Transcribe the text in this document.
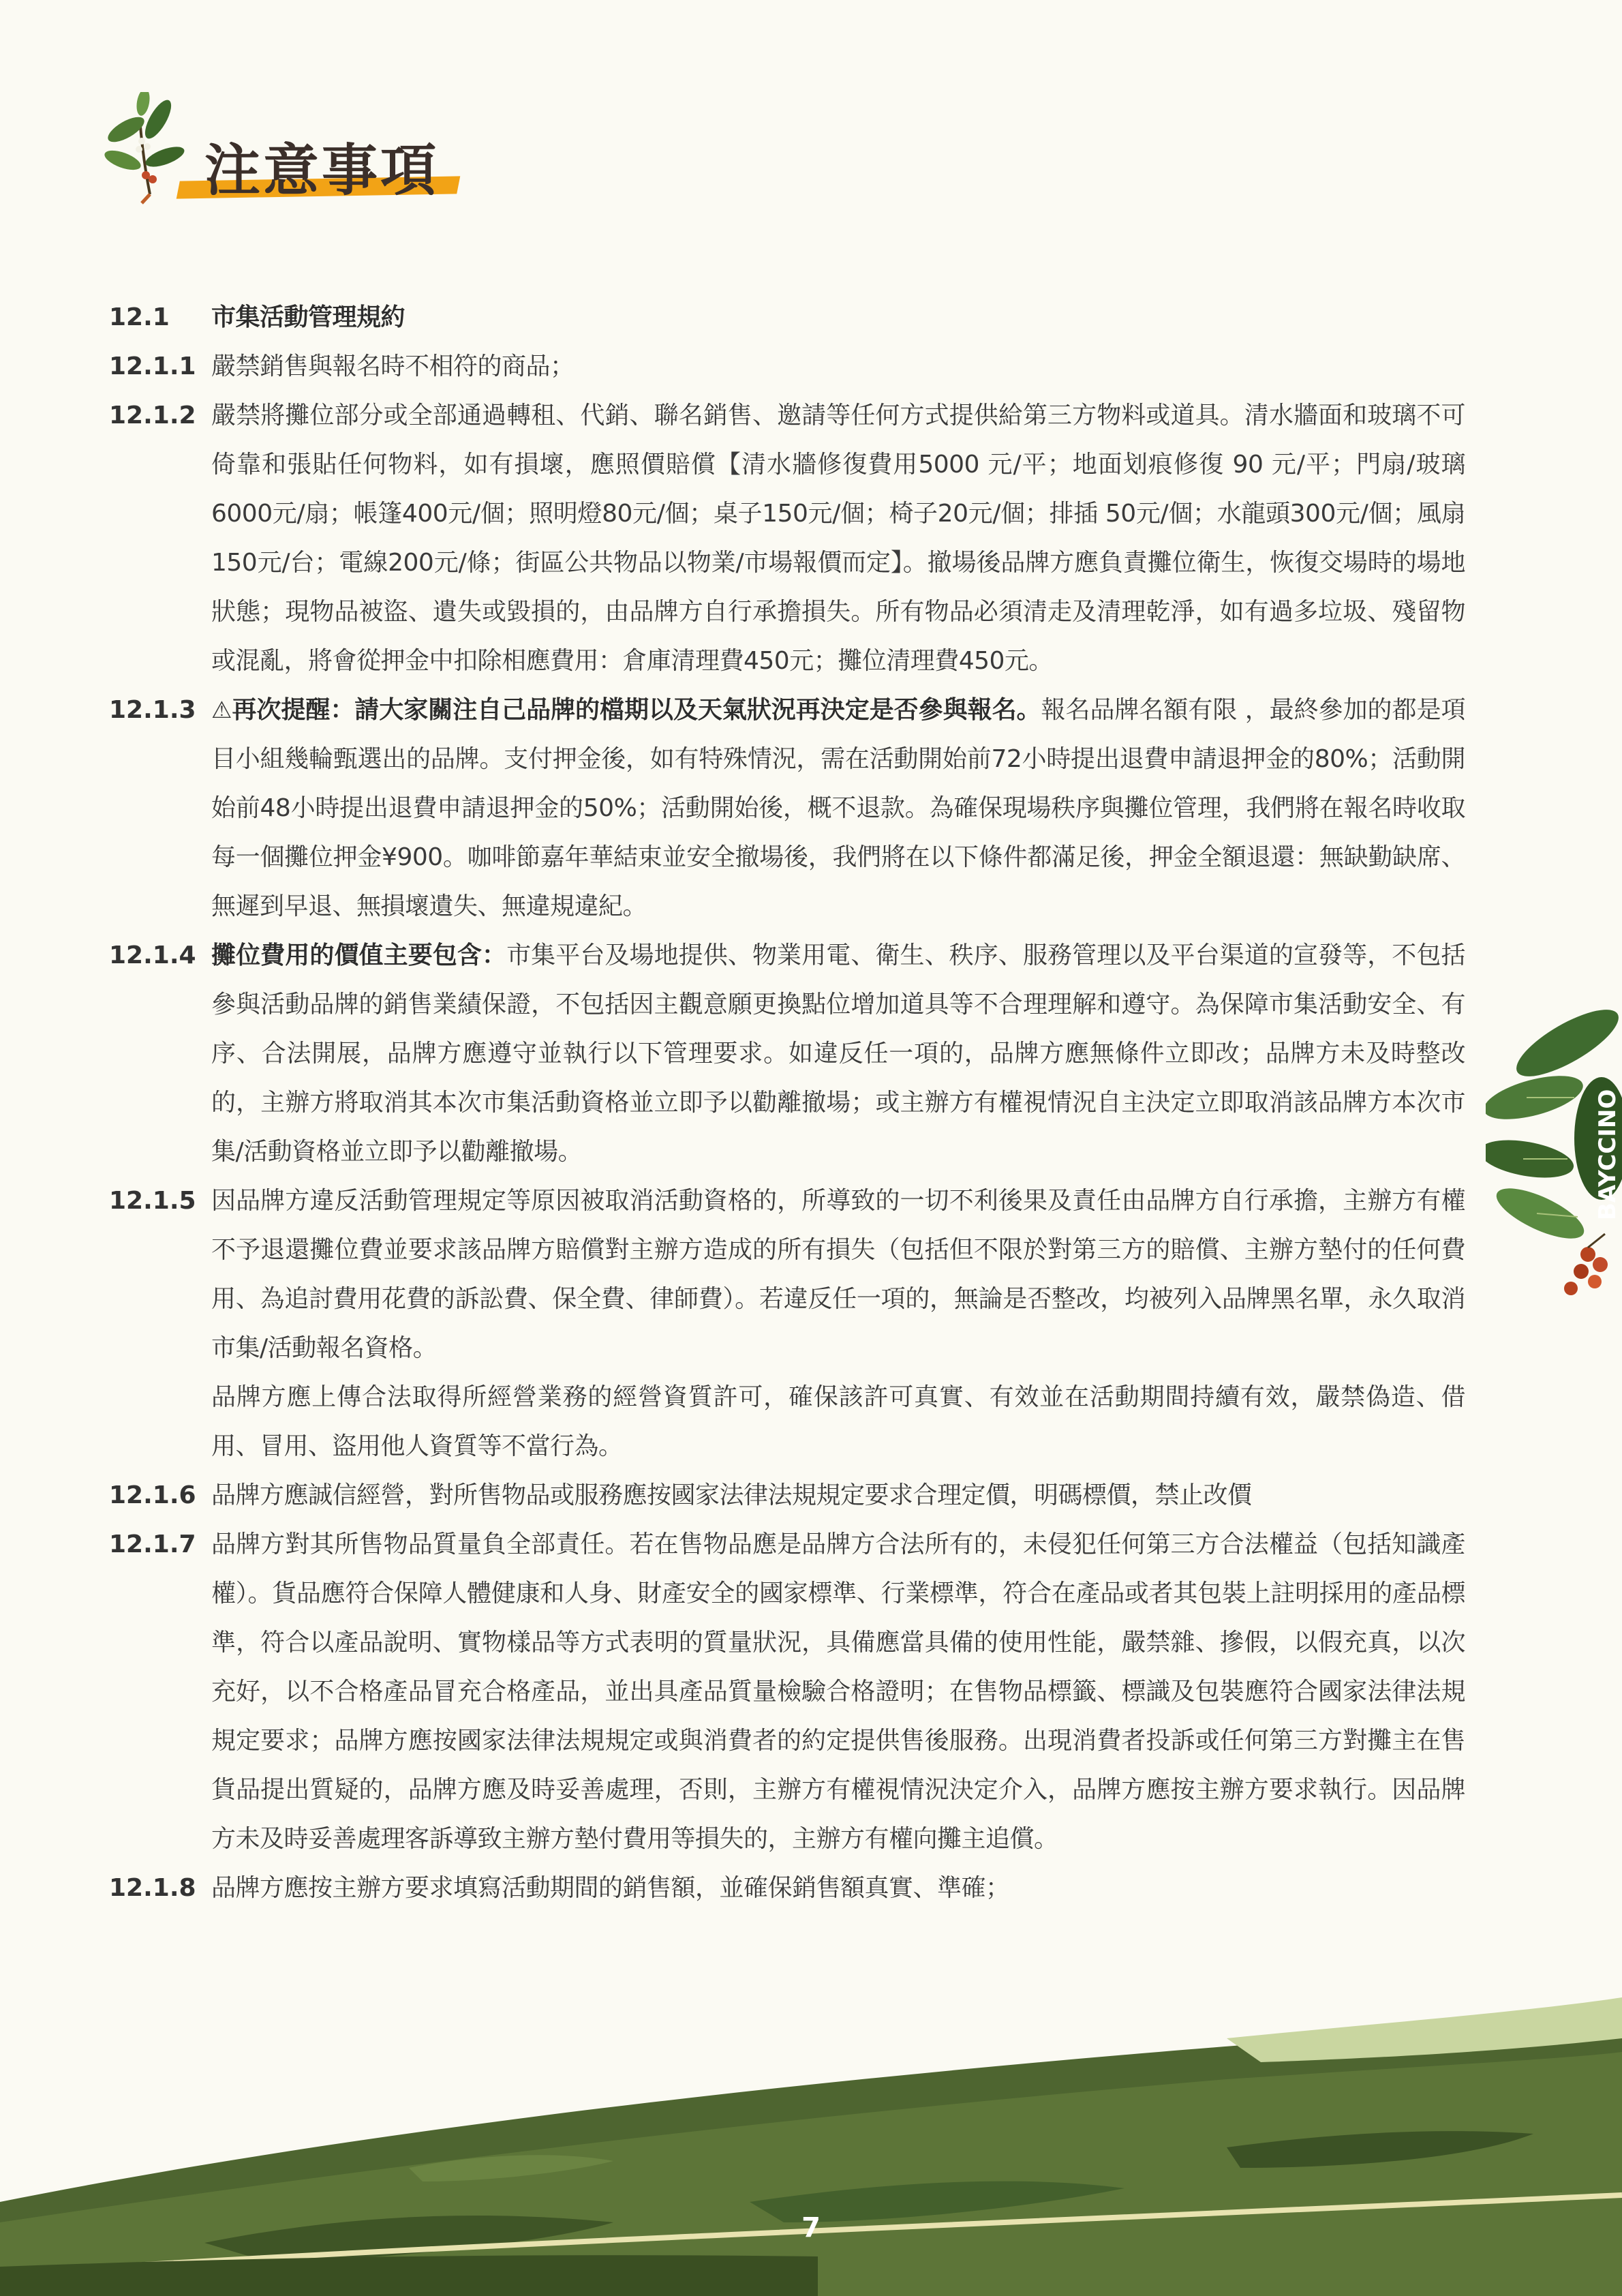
注意事項
12.1	市集活動管理規約
12.1.1 嚴禁銷售與報名時不相符的商品；
12.1.2 嚴禁將攤位部分或全部通過轉租、代銷、聯名銷售、邀請等任何方式提供給第三方物料或道具。清水牆面和玻璃不可倚靠和張貼任何物料，如有損壞，應照價賠償【清水牆修復費用5000 元/平；地面划痕修復 90 元/平；門扇/玻璃6000元/扇；帳篷400元/個；照明燈80元/個；桌子150元/個；椅子20元/個；排插 50元/個；水龍頭300元/個；風扇 150元/台；電線200元/條；街區公共物品以物業/市場報價而定】。撤場後品牌方應負責攤位衛生，恢復交場時的場地狀態；現物品被盜、遺失或毀損的，由品牌方自行承擔損失。所有物品必須清走及清理乾淨，如有過多垃圾、殘留物或混亂，將會從押金中扣除相應費用：倉庫清理費450元；攤位清理費450元。
12.1.3 ⚠再次提醒：請大家關注自己品牌的檔期以及天氣狀況再決定是否參與報名。報名品牌名額有限 ，最終參加的都是項目小組幾輪甄選出的品牌。支付押金後，如有特殊情況，需在活動開始前72小時提出退費申請退押金的80%；活動開始前48小時提出退費申請退押金的50%；活動開始後，概不退款。為確保現場秩序與攤位管理，我們將在報名時收取每一個攤位押金¥900。咖啡節嘉年華結束並安全撤場後，我們將在以下條件都滿足後，押金全額退還：無缺勤缺席、無遲到早退、無損壞遺失、無違規違紀。
12.1.4 攤位費用的價值主要包含：市集平台及場地提供、物業用電、衛生、秩序、服務管理以及平台渠道的宣發等，不包括參與活動品牌的銷售業績保證，不包括因主觀意願更換點位增加道具等不合理理解和遵守。為保障市集活動安全、有序、合法開展，品牌方應遵守並執行以下管理要求。如違反任一項的，品牌方應無條件立即改；品牌方未及時整改的，主辦方將取消其本次市集活動資格並立即予以勸離撤場；或主辦方有權視情況自主決定立即取消該品牌方本次市集/活動資格並立即予以勸離撤場。
12.1.5 因品牌方違反活動管理規定等原因被取消活動資格的，所導致的一切不利後果及責任由品牌方自行承擔，主辦方有權不予退還攤位費並要求該品牌方賠償對主辦方造成的所有損失（包括但不限於對第三方的賠償、主辦方墊付的任何費用、為追討費用花費的訴訟費、保全費、律師費）。若違反任一項的，無論是否整改，均被列入品牌黑名單，永久取消市集/活動報名資格。
品牌方應上傳合法取得所經營業務的經營資質許可，確保該許可真實、有效並在活動期間持續有效，嚴禁偽造、借用、冒用、盜用他人資質等不當行為。
12.1.6 品牌方應誠信經營，對所售物品或服務應按國家法律法規規定要求合理定價，明碼標價，禁止改價
12.1.7 品牌方對其所售物品質量負全部責任。若在售物品應是品牌方合法所有的，未侵犯任何第三方合法權益（包括知識產權）。貨品應符合保障人體健康和人身、財產安全的國家標準、行業標準，符合在產品或者其包裝上註明採用的產品標準，符合以產品說明、實物樣品等方式表明的質量狀況，具備應當具備的使用性能，嚴禁雜、摻假，以假充真，以次充好，以不合格產品冒充合格產品，並出具產品質量檢驗合格證明；在售物品標籤、標識及包裝應符合國家法律法規規定要求；品牌方應按國家法律法規規定或與消費者的約定提供售後服務。出現消費者投訴或任何第三方對攤主在售貨品提出質疑的，品牌方應及時妥善處理，否則，主辦方有權視情況決定介入，品牌方應按主辦方要求執行。因品牌方未及時妥善處理客訴導致主辦方墊付費用等損失的，主辦方有權向攤主追償。
12.1.8 品牌方應按主辦方要求填寫活動期間的銷售額，並確保銷售額真實、準確；
BAYCCINO
7
